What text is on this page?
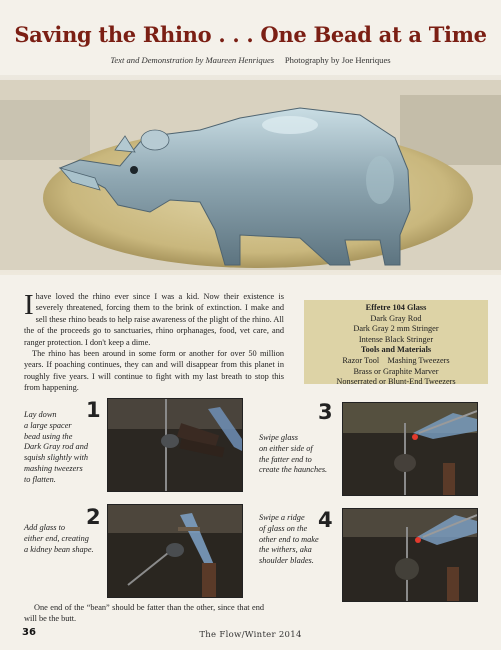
Saving the Rhino . . . One Bead at a Time
Text and Demonstration by Maureen Henriques Photography by Joe Henriques

Ihave loved the rhino ever since I was a kid. Now their existence is severely threatened, forcing them to the brink of extinction. I make and sell these rhino beads to help raise awareness of the plight of the rhino. All the of the proceeds go to sanctuaries, rhino orphanages, food, vet care, and ranger protection. I don't keep a dime.

The rhino has been around in some form or another for over 50 million years. If poaching continues, they can and will disappear from this planet in roughly five years. I will continue to fight with my last breath to stop this from happening.

Effetre 104 Glass
Dark Gray Rod
Dark Gray 2 mm Stringer
Intense Black Stringer
Tools and Materials
Razor Tool    Mashing Tweezers
Brass or Graphite Marver
Nonserrated or Blunt-End Tweezers
Lay down
a large spacer
bead using the
Dark Gray rod and
squish slightly with
mashing tweezers
to flatten.
1
Add glass to
either end, creating
a kidney bean shape.
2
Swipe glass
on either side of
the fatter end to
create the haunches.
3
Swipe a ridge
of glass on the
other end to make
the withers, aka
shoulder blades.
4
One end of the “bean” should be fatter than the other, since that end will be the butt.
36	The Flow/Winter 2014
